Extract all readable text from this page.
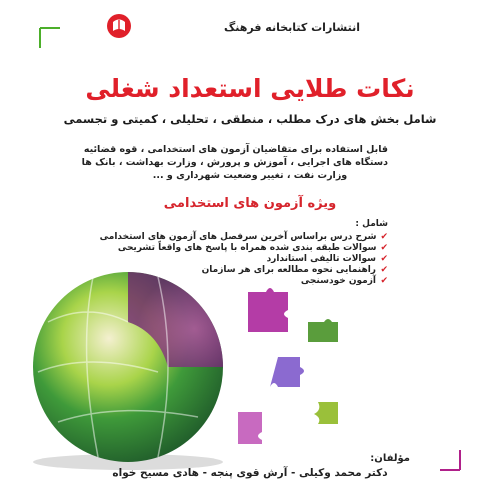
انتشارات کتابخانه فرهنگ
نکات طلایی استعداد شغلی
شامل بخش های درک مطلب ، منطقی ، تحلیلی ، کمیتی و تجسمی
قابل استفاده برای متقاضیان آزمون های استخدامی ، قوه قضائیه
دستگاه های اجرایی ، آموزش و پرورش ، وزارت بهداشت ، بانک ها
وزارت نفت ، تغییر وضعیت شهرداری و ...
ویژه آزمون های استخدامی
شامل :
✔
شرح درس براساس آخرین سرفصل های آزمون های استخدامی
✔
سوالات طبقه بندی شده همراه با پاسخ های واقعاً تشریحی
✔
سوالات تالیفی استاندارد
✔
راهنمایی نحوه مطالعه برای هر سازمان
✔
آزمون خودسنجی
مؤلفان:
دکتر محمد وکیلی - آرش قوی پنجه - هادی مسیح خواه
